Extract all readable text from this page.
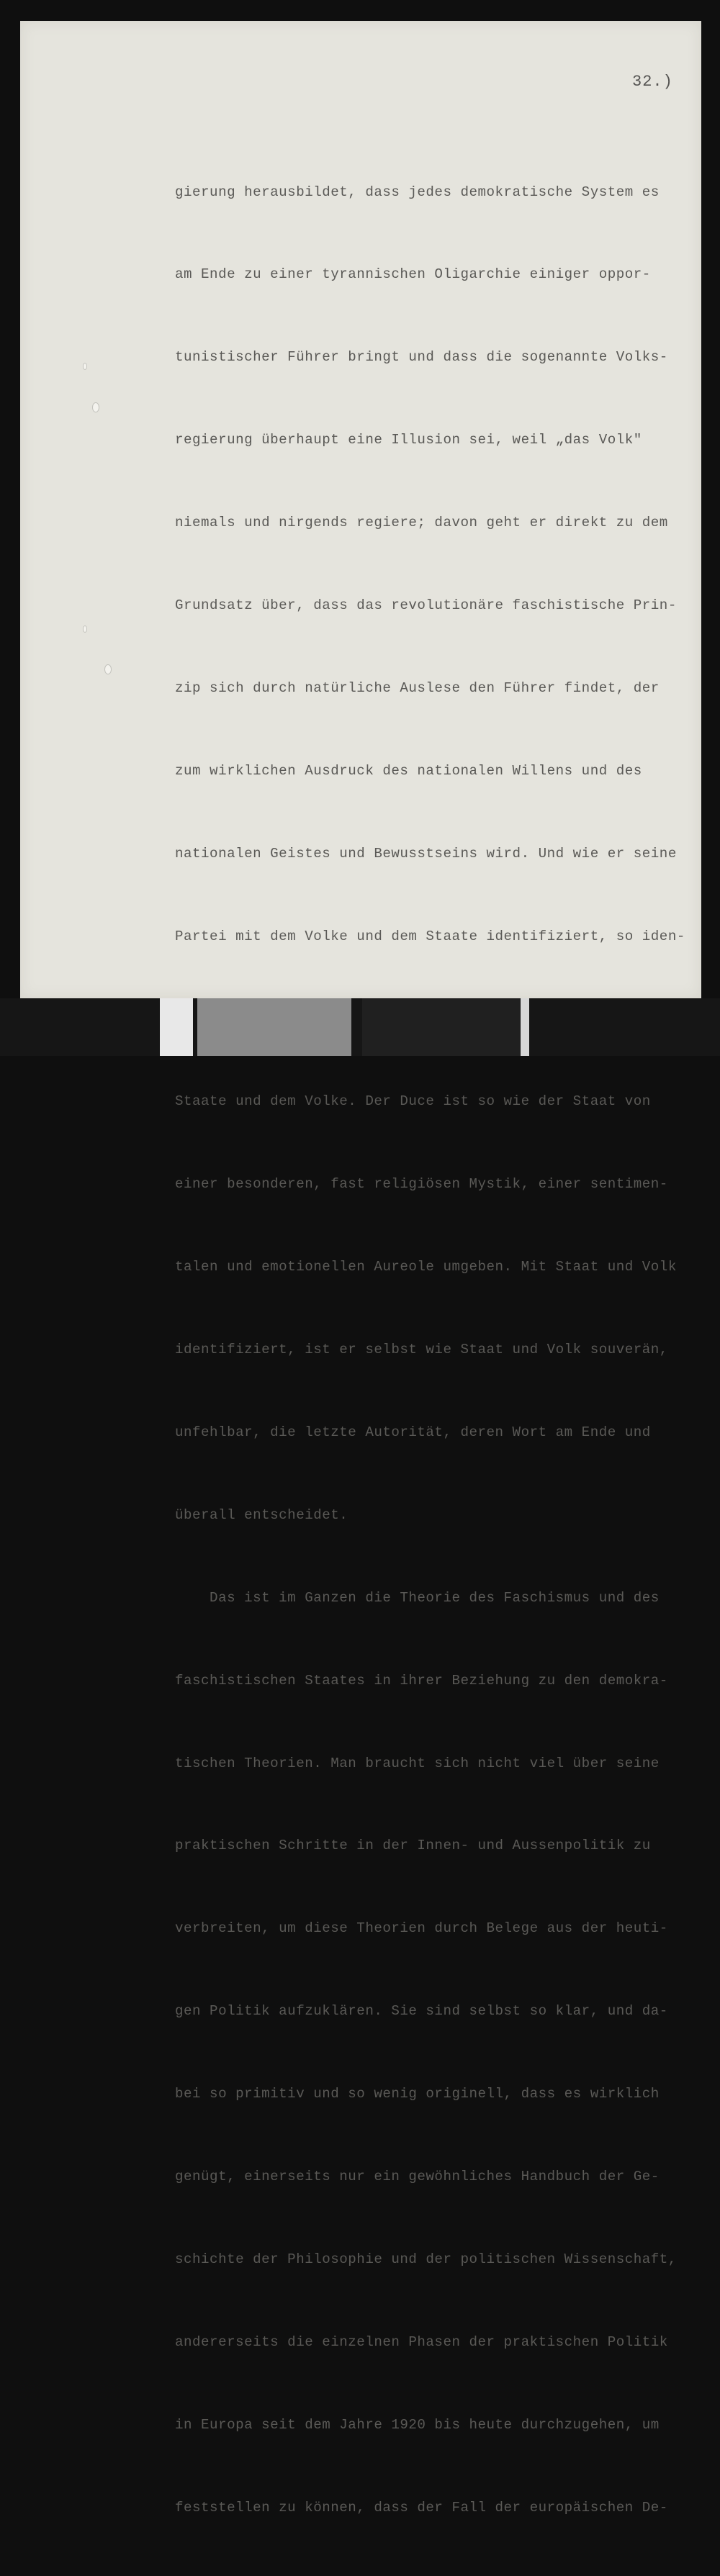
32.)

gierung herausbildet, dass jedes demokratische System es

am Ende zu einer tyrannischen Oligarchie einiger oppor-

tunistischer Führer bringt und dass die sogenannte Volks-

regierung überhaupt eine Illusion sei, weil „das Volk"

niemals und nirgends regiere; davon geht er direkt zu dem

Grundsatz über, dass das revolutionäre faschistische Prin-

zip sich durch natürliche Auslese den Führer findet, der

zum wirklichen Ausdruck des nationalen Willens und des

nationalen Geistes und Bewusstseins wird. Und wie er seine

Partei mit dem Volke und dem Staate identifiziert, so iden-

Staate und dem Volke. Der Duce ist so wie der Staat von

einer besonderen, fast religiösen Mystik, einer sentimen-

talen und emotionellen Aureole umgeben. Mit Staat und Volk

identifiziert, ist er selbst wie Staat und Volk souverän,

unfehlbar, die letzte Autorität, deren Wort am Ende und

überall entscheidet.

Das ist im Ganzen die Theorie des Faschismus und des

faschistischen Staates in ihrer Beziehung zu den demokra-

tischen Theorien. Man braucht sich nicht viel über seine

praktischen Schritte in der Innen- und Aussenpolitik zu

verbreiten, um diese Theorien durch Belege aus der heuti-

gen Politik aufzuklären. Sie sind selbst so klar, und da-

bei so primitiv und so wenig originell, dass es wirklich

genügt, einerseits nur ein gewöhnliches Handbuch der Ge-

schichte der Philosophie und der politischen Wissenschaft,

andererseits die einzelnen Phasen der praktischen Politik

in Europa seit dem Jahre 1920 bis heute durchzugehen, um

feststellen zu können, dass der Fall der europäischen De-
